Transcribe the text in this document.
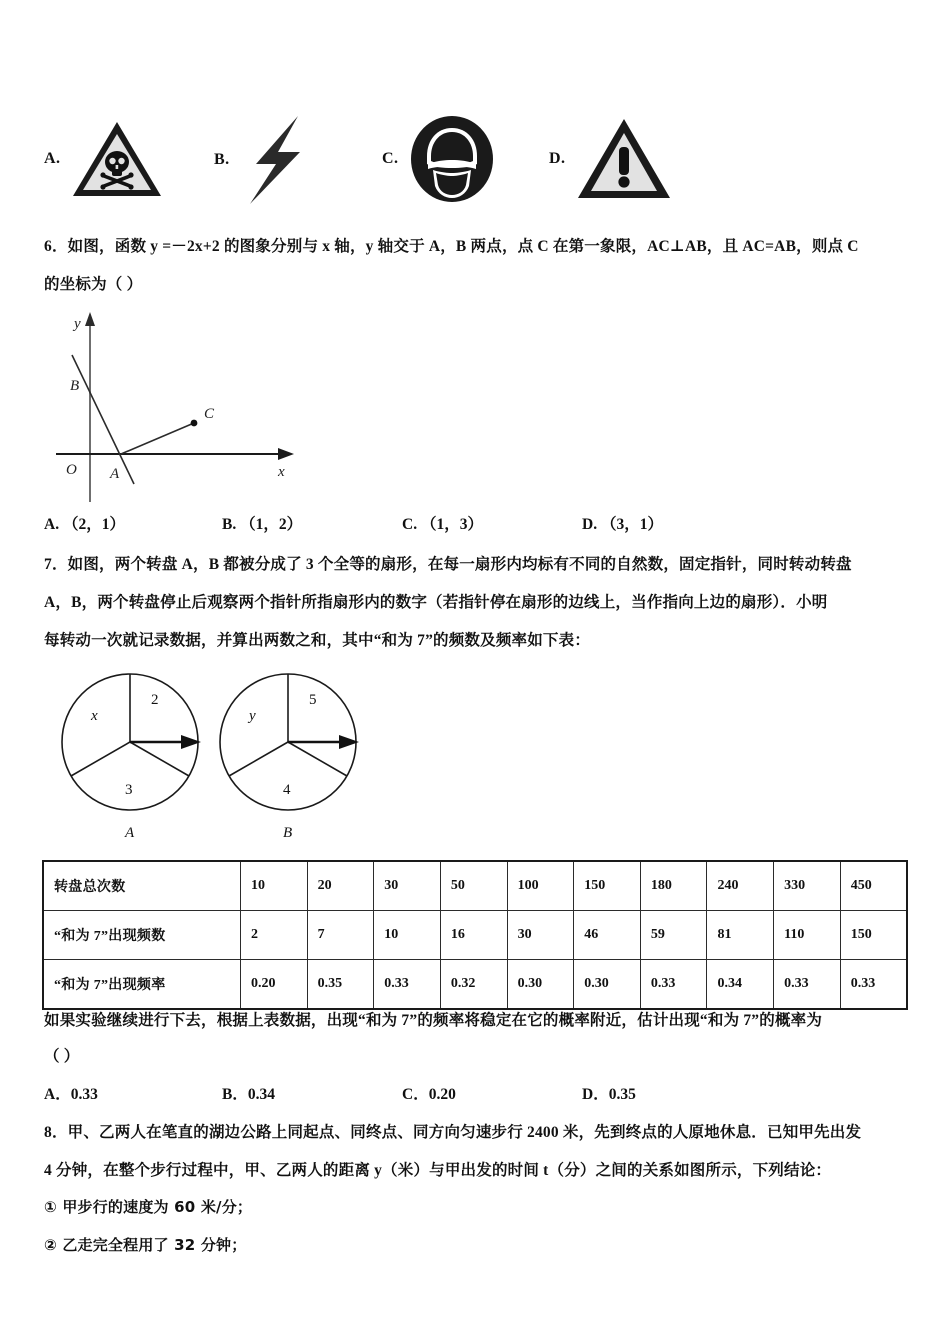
A.	B.	C.	D.
6．如图，函数 y =－2x+2 的图象分别与 x 轴，y 轴交于 A，B 两点，点 C 在第一象限，AC⊥AB，且 AC=AB，则点 C
的坐标为（ ）
y
x
O
B
A
C
A. （2，1）	B. （1，2）	C. （1，3）	D. （3，1）
7．如图，两个转盘 A，B 都被分成了 3 个全等的扇形，在每一扇形内均标有不同的自然数，固定指针，同时转动转盘
A，B，两个转盘停止后观察两个指针所指扇形内的数字（若指针停在扇形的边线上，当作指向上边的扇形）．小明
每转动一次就记录数据，并算出两数之和，其中“和为 7”的频数及频率如下表：
x
2
3
A
y
5
4
B
转盘总次数	10	20	30	50	100	150	180	240	330	450
“和为 7”出现频数	2	7	10	16	30	46	59	81	110	150
“和为 7”出现频率	0.20	0.35	0.33	0.32	0.30	0.30	0.33	0.34	0.33	0.33
如果实验继续进行下去，根据上表数据，出现“和为 7”的频率将稳定在它的概率附近，估计出现“和为 7”的概率为
（ ）
A．0.33	B．0.34	C．0.20	D．0.35
8．甲、乙两人在笔直的湖边公路上同起点、同终点、同方向匀速步行 2400 米，先到终点的人原地休息．已知甲先出发
4 分钟，在整个步行过程中，甲、乙两人的距离 y（米）与甲出发的时间 t（分）之间的关系如图所示，下列结论：
① 甲步行的速度为 60 米/分；
② 乙走完全程用了 32 分钟；
